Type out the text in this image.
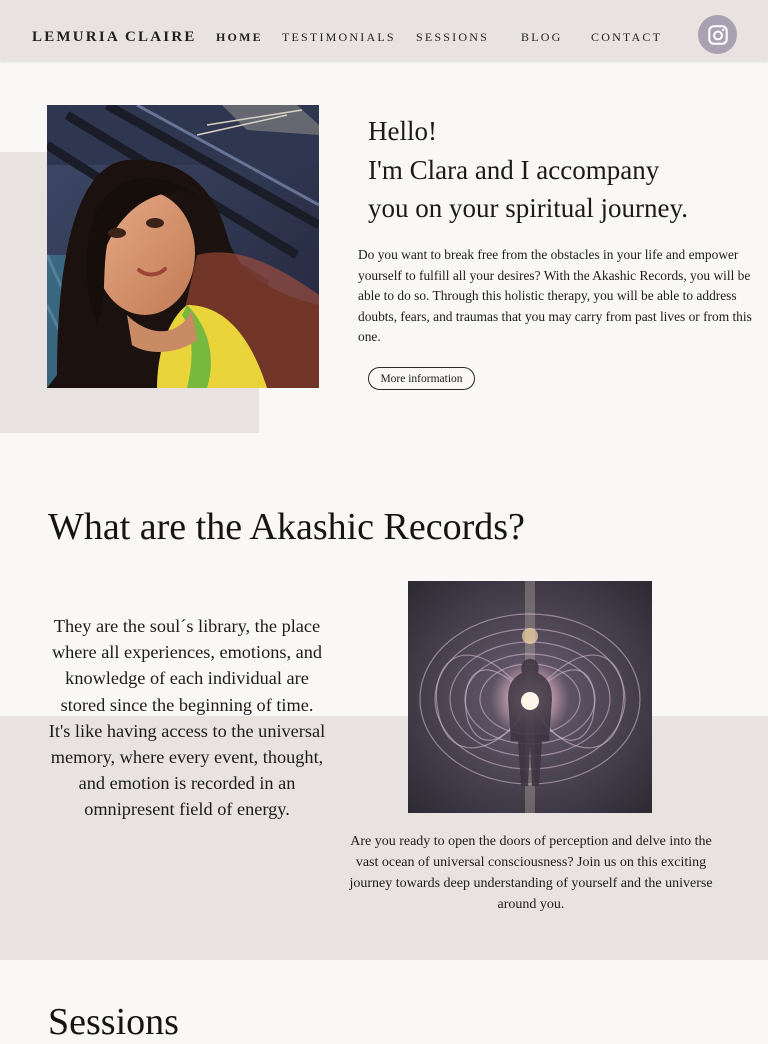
LEMURIA CLAIRE HOME TESTIMONIALS SESSIONS	BLOG CONTACT
Hello!
I'm Clara and I accompany
you on your spiritual journey.

Do you want to break free from the obstacles in your life and empower yourself to fulfill all your desires? With the Akashic Records, you will be able to do so. Through this holistic therapy, you will be able to address doubts, fears, and traumas that you may carry from past lives or from this one.

More information
What are the Akashic Records?

They are the soul´s library, the place where all experiences, emotions, and knowledge of each individual are stored since the beginning of time. It's like having access to the universal memory, where every event, thought, and emotion is recorded in an omnipresent field of energy.

Are you ready to open the doors of perception and delve into the vast ocean of universal consciousness? Join us on this exciting journey towards deep understanding of yourself and the universe around you.

Sessions
